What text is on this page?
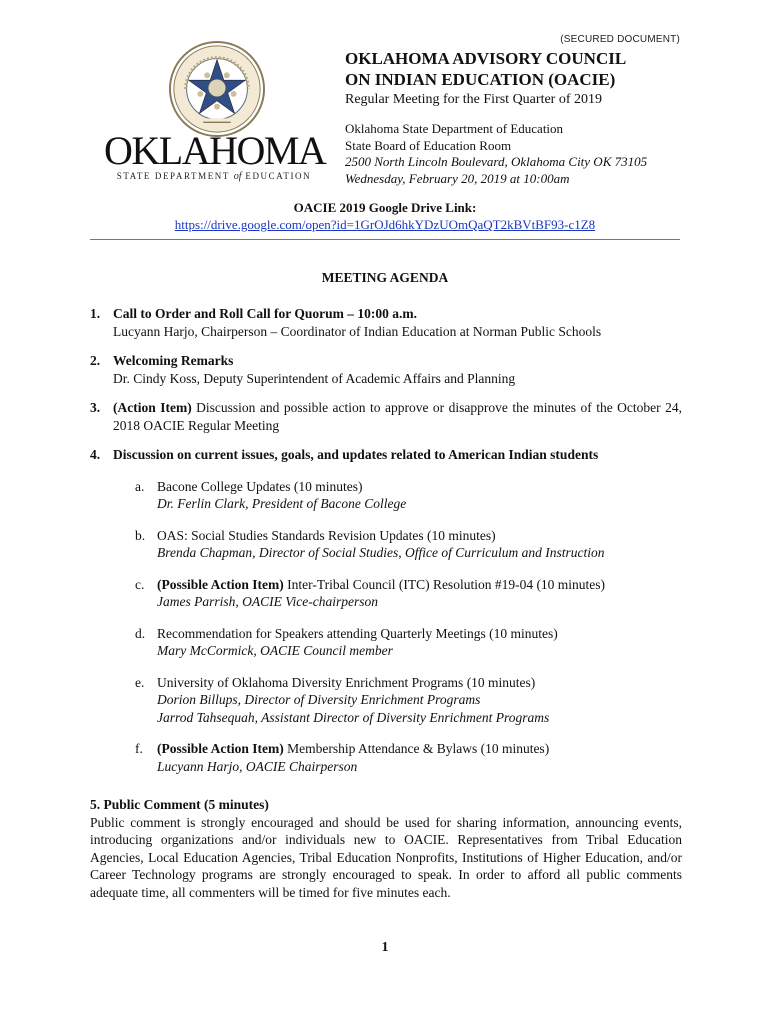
(SECURED DOCUMENT)
OKLAHOMA
STATE DEPARTMENT of EDUCATION
OKLAHOMA ADVISORY COUNCIL
ON INDIAN EDUCATION (OACIE)
Regular Meeting for the First Quarter of 2019
Oklahoma State Department of Education
State Board of Education Room
2500 North Lincoln Boulevard, Oklahoma City OK 73105
Wednesday, February 20, 2019 at 10:00am
OACIE 2019 Google Drive Link:
https://drive.google.com/open?id=1GrOJd6hkYDzUOmQaQT2kBVtBF93-c1Z8
MEETING AGENDA
1. Call to Order and Roll Call for Quorum – 10:00 a.m.
Lucyann Harjo, Chairperson – Coordinator of Indian Education at Norman Public Schools
2. Welcoming Remarks
Dr. Cindy Koss, Deputy Superintendent of Academic Affairs and Planning
3. (Action Item) Discussion and possible action to approve or disapprove the minutes of the October 24, 2018 OACIE Regular Meeting
4. Discussion on current issues, goals, and updates related to American Indian students
a. Bacone College Updates (10 minutes)
Dr. Ferlin Clark, President of Bacone College
b. OAS: Social Studies Standards Revision Updates (10 minutes)
Brenda Chapman, Director of Social Studies, Office of Curriculum and Instruction
c. (Possible Action Item) Inter-Tribal Council (ITC) Resolution #19-04 (10 minutes)
James Parrish, OACIE Vice-chairperson
d. Recommendation for Speakers attending Quarterly Meetings (10 minutes)
Mary McCormick, OACIE Council member
e. University of Oklahoma Diversity Enrichment Programs (10 minutes)
Dorion Billups, Director of Diversity Enrichment Programs
Jarrod Tahsequah, Assistant Director of Diversity Enrichment Programs
f. (Possible Action Item) Membership Attendance & Bylaws (10 minutes)
Lucyann Harjo, OACIE Chairperson
5. Public Comment (5 minutes)

Public comment is strongly encouraged and should be used for sharing information, announcing events, introducing organizations and/or individuals new to OACIE. Representatives from Tribal Education Agencies, Local Education Agencies, Tribal Education Nonprofits, Institutions of Higher Education, and/or Career Technology programs are strongly encouraged to speak. In order to afford all public comments adequate time, all commenters will be timed for five minutes each.

1
